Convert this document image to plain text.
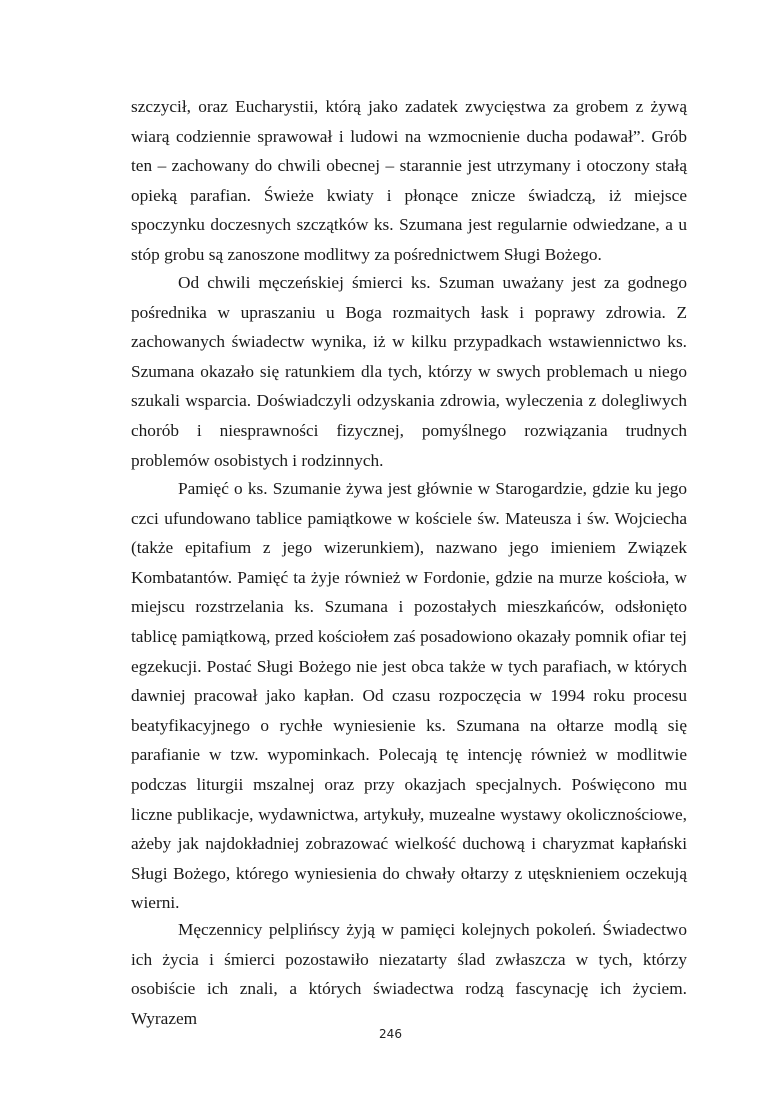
szczycił, oraz Eucharystii, którą jako zadatek zwycięstwa za grobem z żywą wiarą codziennie sprawował i ludowi na wzmocnienie ducha podawał”. Grób ten – zachowany do chwili obecnej – starannie jest utrzymany i otoczony stałą opieką parafian. Świeże kwiaty i płonące znicze świadczą, iż miejsce spoczynku doczesnych szczątków ks. Szumana jest regularnie odwiedzane, a u stóp grobu są zanoszone modlitwy za pośrednictwem Sługi Bożego.

Od chwili męczeńskiej śmierci ks. Szuman uważany jest za godnego pośrednika w upraszaniu u Boga rozmaitych łask i poprawy zdrowia. Z zachowanych świadectw wynika, iż w kilku przypadkach wstawiennictwo ks. Szumana okazało się ratunkiem dla tych, którzy w swych problemach u niego szukali wsparcia. Doświadczyli odzyskania zdrowia, wyleczenia z dolegliwych chorób i niesprawności fizycznej, pomyślnego rozwiązania trudnych problemów osobistych i rodzinnych.

Pamięć o ks. Szumanie żywa jest głównie w Starogardzie, gdzie ku jego czci ufundowano tablice pamiątkowe w kościele św. Mateusza i św. Wojciecha (także epitafium z jego wizerunkiem), nazwano jego imieniem Związek Kombatantów. Pamięć ta żyje również w Fordonie, gdzie na murze kościoła, w miejscu rozstrzelania ks. Szumana i pozostałych mieszkańców, odsłonięto tablicę pamiątkową, przed kościołem zaś posadowiono okazały pomnik ofiar tej egzekucji. Postać Sługi Bożego nie jest obca także w tych parafiach, w których dawniej pracował jako kapłan. Od czasu rozpoczęcia w 1994 roku procesu beatyfikacyjnego o rychłe wyniesienie ks. Szumana na ołtarze modlą się parafianie w tzw. wypominkach. Polecają tę intencję również w modlitwie podczas liturgii mszalnej oraz przy okazjach specjalnych. Poświęcono mu liczne publikacje, wydawnictwa, artykuły, muzealne wystawy okolicznościowe, ażeby jak najdokładniej zobrazować wielkość duchową i charyzmat kapłański Sługi Bożego, którego wyniesienia do chwały ołtarzy z utęsknieniem oczekują wierni.

Męczennicy pelplińscy żyją w pamięci kolejnych pokoleń. Świadectwo ich życia i śmierci pozostawiło niezatarty ślad zwłaszcza w tych, którzy osobiście ich znali, a których świadectwa rodzą fascynację ich życiem. Wyrazem

246
